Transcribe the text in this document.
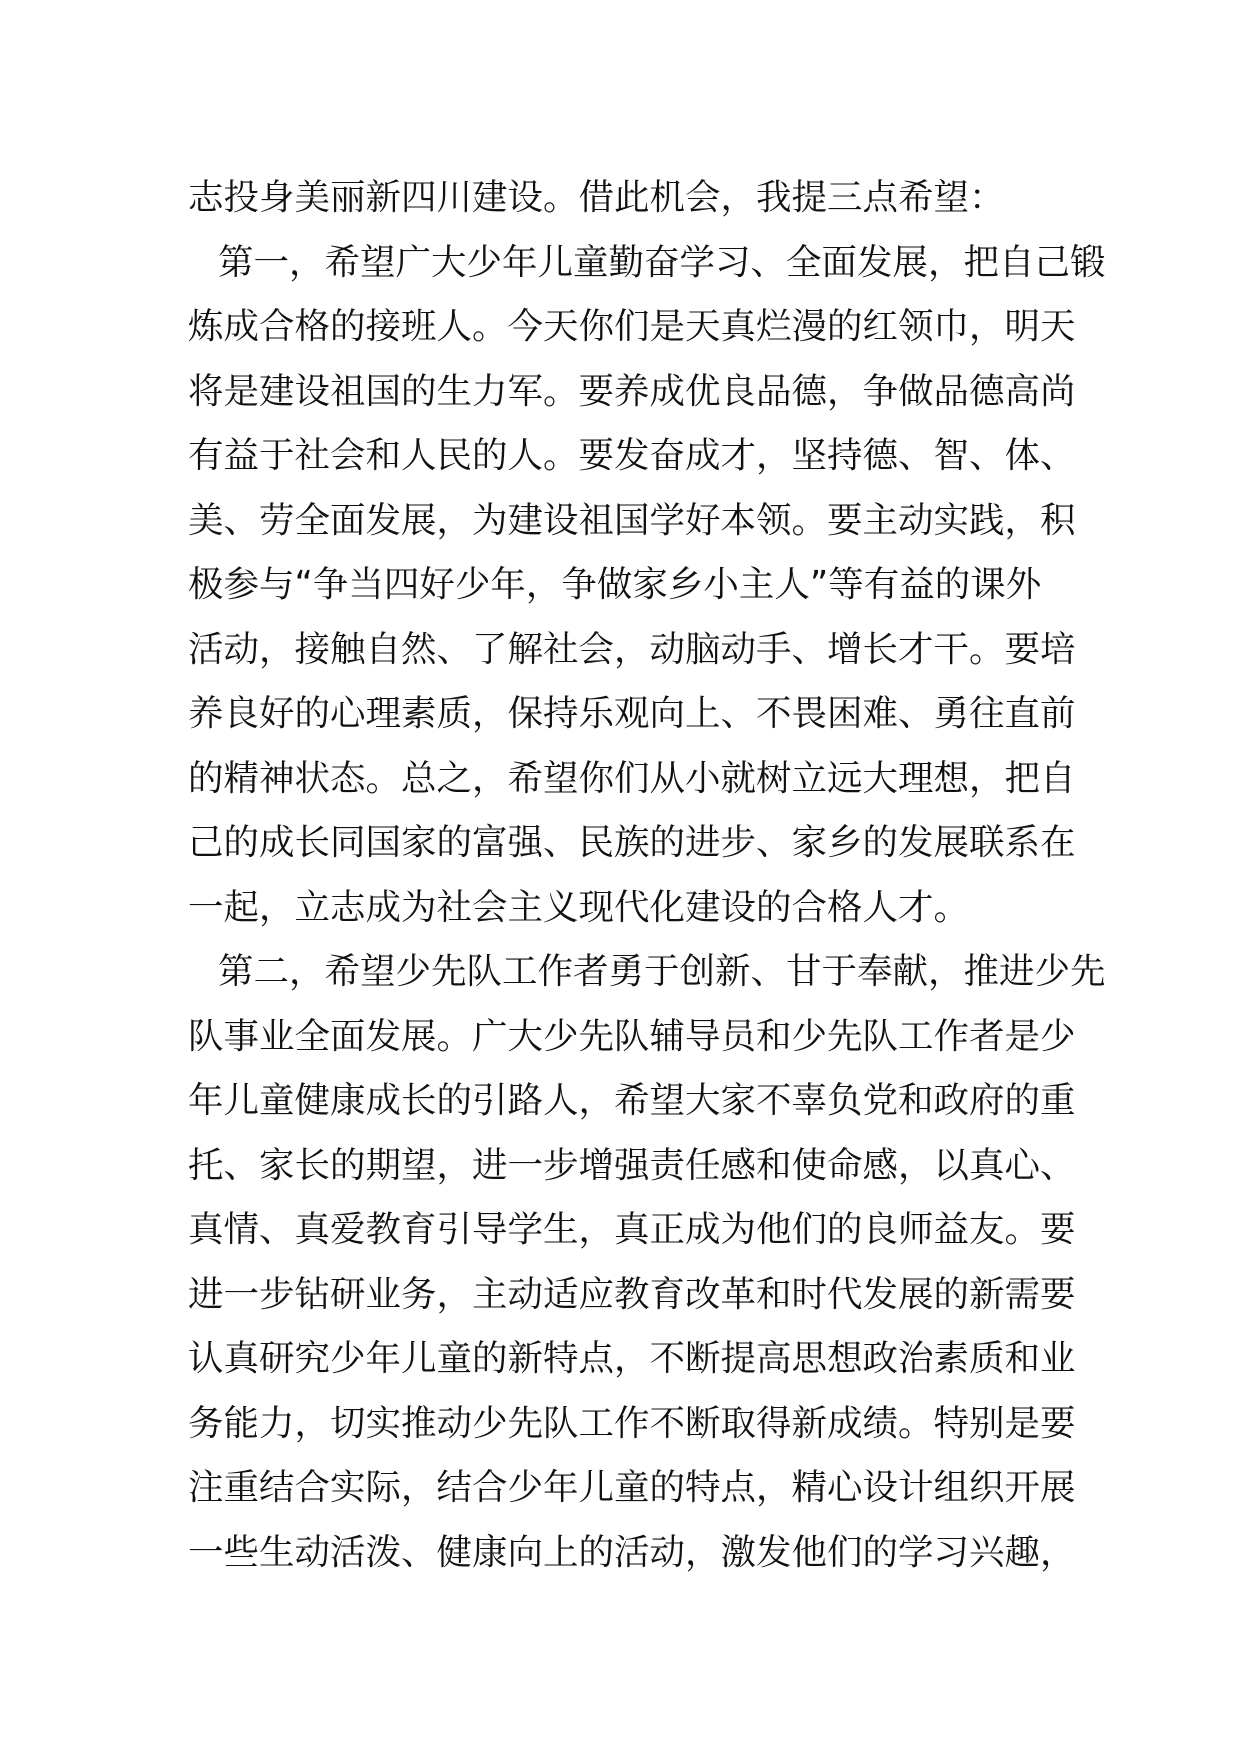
志投身美丽新四川建设。借此机会，我提三点希望：
第一，希望广大少年儿童勤奋学习、全面发展，把自己锻
炼成合格的接班人。今天你们是天真烂漫的红领巾，明天
将是建设祖国的生力军。要养成优良品德，争做品德高尚
有益于社会和人民的人。要发奋成才，坚持德、智、体、
美、劳全面发展，为建设祖国学好本领。要主动实践，积
极参与“争当四好少年，争做家乡小主人”等有益的课外
活动，接触自然、了解社会，动脑动手、增长才干。要培
养良好的心理素质，保持乐观向上、不畏困难、勇往直前
的精神状态。总之，希望你们从小就树立远大理想，把自
己的成长同国家的富强、民族的进步、家乡的发展联系在
一起，立志成为社会主义现代化建设的合格人才。
第二，希望少先队工作者勇于创新、甘于奉献，推进少先
队事业全面发展。广大少先队辅导员和少先队工作者是少
年儿童健康成长的引路人，希望大家不辜负党和政府的重
托、家长的期望，进一步增强责任感和使命感，以真心、
真情、真爱教育引导学生，真正成为他们的良师益友。要
进一步钻研业务，主动适应教育改革和时代发展的新需要
认真研究少年儿童的新特点，不断提高思想政治素质和业
务能力，切实推动少先队工作不断取得新成绩。特别是要
注重结合实际，结合少年儿童的特点，精心设计组织开展
一些生动活泼、健康向上的活动，激发他们的学习兴趣，
